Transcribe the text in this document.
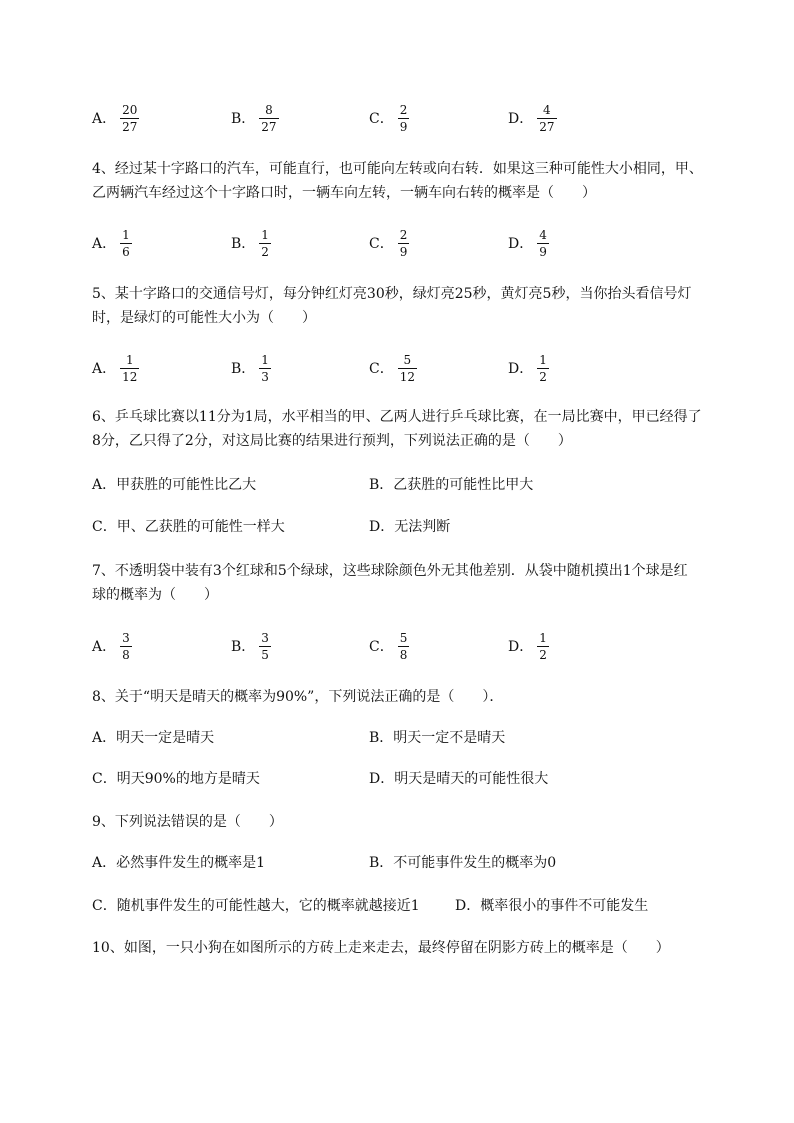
A． $\frac{20}{27}$	B． $\frac{8}{27}$	C． $\frac{2}{9}$	D． $\frac{4}{27}$
4、经过某十字路口的汽车，可能直行，也可能向左转或向右转．如果这三种可能性大小相同，甲、
乙两辆汽车经过这个十字路口时，一辆车向左转，一辆车向右转的概率是（　　）
A． $\frac{1}{6}$	B． $\frac{1}{2}$	C． $\frac{2}{9}$	D． $\frac{4}{9}$
5、某十字路口的交通信号灯，每分钟红灯亮30秒，绿灯亮25秒，黄灯亮5秒，当你抬头看信号灯
时，是绿灯的可能性大小为（　　）
A． $\frac{1}{12}$	B． $\frac{1}{3}$	C． $\frac{5}{12}$	D． $\frac{1}{2}$
6、乒乓球比赛以11分为1局，水平相当的甲、乙两人进行乒乓球比赛，在一局比赛中，甲已经得了
8分，乙只得了2分，对这局比赛的结果进行预判，下列说法正确的是（　　）
A．甲获胜的可能性比乙大	B．乙获胜的可能性比甲大
C．甲、乙获胜的可能性一样大	D．无法判断
7、不透明袋中装有3个红球和5个绿球，这些球除颜色外无其他差别．从袋中随机摸出1个球是红
球的概率为（　　）
A． $\frac{3}{8}$	B． $\frac{3}{5}$	C． $\frac{5}{8}$	D． $\frac{1}{2}$
8、关于“明天是晴天的概率为90%”，下列说法正确的是（　　）．
A．明天一定是晴天	B．明天一定不是晴天
C．明天90%的地方是晴天	D．明天是晴天的可能性很大
9、下列说法错误的是（　　）
A．必然事件发生的概率是1	B．不可能事件发生的概率为0
C．随机事件发生的可能性越大，它的概率就越接近1	D．概率很小的事件不可能发生
10、如图，一只小狗在如图所示的方砖上走来走去，最终停留在阴影方砖上的概率是（　　）
